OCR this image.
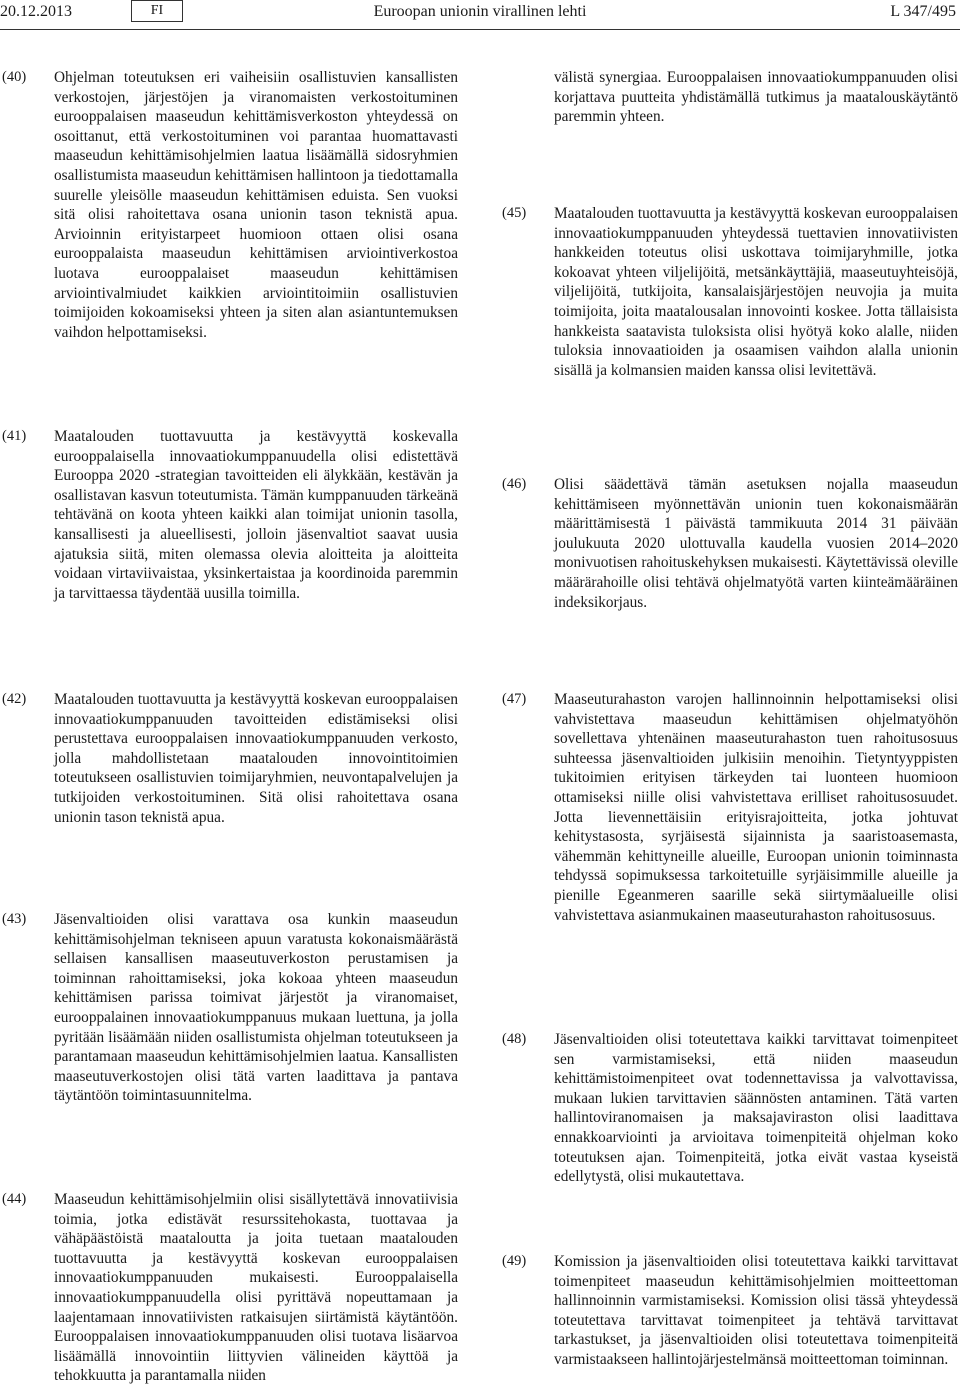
20.12.2013	FI	Euroopan unionin virallinen lehti	L 347/495
(40)	Ohjelman toteutuksen eri vaiheisiin osallistuvien kansallisten verkostojen, järjestöjen ja viranomaisten verkostoituminen eurooppalaisen maaseudun kehittämisverkoston yhteydessä on osoittanut, että verkostoituminen voi parantaa huomattavasti maaseudun kehittämisohjelmien laatua lisäämällä sidosryhmien osallistumista maaseudun kehittämisen hallintoon ja tiedottamalla suurelle yleisölle maaseudun kehittämisen eduista. Sen vuoksi sitä olisi rahoitettava osana unionin tason teknistä apua. Arvioinnin erityistarpeet huomioon ottaen olisi osana eurooppalaista maaseudun kehittämisen arviointiverkostoa luotava eurooppalaiset maaseudun kehittämisen arviointivalmiudet kaikkien arviointitoimiin osallistuvien toimijoiden kokoamiseksi yhteen ja siten alan asiantuntemuksen vaihdon helpottamiseksi.
(41)	Maatalouden tuottavuutta ja kestävyyttä koskevalla eurooppalaisella innovaatiokumppanuudella olisi edistettävä Eurooppa 2020 -strategian tavoitteiden eli älykkään, kestävän ja osallistavan kasvun toteutumista. Tämän kumppanuuden tärkeänä tehtävänä on koota yhteen kaikki alan toimijat unionin tasolla, kansallisesti ja alueellisesti, jolloin jäsenvaltiot saavat uusia ajatuksia siitä, miten olemassa olevia aloitteita ja aloitteita voidaan virtaviivaistaa, yksinkertaistaa ja koordinoida paremmin ja tarvittaessa täydentää uusilla toimilla.
(42)	Maatalouden tuottavuutta ja kestävyyttä koskevan eurooppalaisen innovaatiokumppanuuden tavoitteiden edistämiseksi olisi perustettava eurooppalaisen innovaatiokumppanuuden verkosto, jolla mahdollistetaan maatalouden innovointitoimien toteutukseen osallistuvien toimijaryhmien, neuvontapalvelujen ja tutkijoiden verkostoituminen. Sitä olisi rahoitettava osana unionin tason teknistä apua.
(43)	Jäsenvaltioiden olisi varattava osa kunkin maaseudun kehittämisohjelman tekniseen apuun varatusta kokonaismäärästä sellaisen kansallisen maaseutuverkoston perustamisen ja toiminnan rahoittamiseksi, joka kokoaa yhteen maaseudun kehittämisen parissa toimivat järjestöt ja viranomaiset, eurooppalainen innovaatiokumppanuus mukaan luettuna, ja jolla pyritään lisäämään niiden osallistumista ohjelman toteutukseen ja parantamaan maaseudun kehittämisohjelmien laatua. Kansallisten maaseutuverkostojen olisi tätä varten laadittava ja pantava täytäntöön toimintasuunnitelma.
(44)	Maaseudun kehittämisohjelmiin olisi sisällytettävä innovatiivisia toimia, jotka edistävät resurssitehokasta, tuottavaa ja vähäpäästöistä maataloutta ja joita tuetaan maatalouden tuottavuutta ja kestävyyttä koskevan eurooppalaisen innovaatiokumppanuuden mukaisesti. Eurooppalaisella innovaatiokumppanuudella olisi pyrittävä nopeuttamaan ja laajentamaan innovatiivisten ratkaisujen siirtämistä käytäntöön. Eurooppalaisen innovaatiokumppanuuden olisi tuotava lisäarvoa lisäämällä innovointiin liittyvien välineiden käyttöä ja tehokkuutta ja parantamalla niiden
välistä synergiaa. Eurooppalaisen innovaatiokumppanuuden olisi korjattava puutteita yhdistämällä tutkimus ja maatalouskäytäntö paremmin yhteen.
(45)	Maatalouden tuottavuutta ja kestävyyttä koskevan eurooppalaisen innovaatiokumppanuuden yhteydessä tuettavien innovatiivisten hankkeiden toteutus olisi uskottava toimijaryhmille, jotka kokoavat yhteen viljelijöitä, metsänkäyttäjiä, maaseutuyhteisöjä, viljelijöitä, tutkijoita, kansalaisjärjestöjen neuvojia ja muita toimijoita, joita maatalousalan innovointi koskee. Jotta tällaisista hankkeista saatavista tuloksista olisi hyötyä koko alalle, niiden tuloksia innovaatioiden ja osaamisen vaihdon alalla unionin sisällä ja kolmansien maiden kanssa olisi levitettävä.
(46)	Olisi säädettävä tämän asetuksen nojalla maaseudun kehittämiseen myönnettävän unionin tuen kokonaismäärän määrittämisestä 1 päivästä tammikuuta 2014 31 päivään joulukuuta 2020 ulottuvalla kaudella vuosien 2014–2020 monivuotisen rahoituskehyksen mukaisesti. Käytettävissä oleville määrärahoille olisi tehtävä ohjelmatyötä varten kiinteämääräinen indeksikorjaus.
(47)	Maaseuturahaston varojen hallinnoinnin helpottamiseksi olisi vahvistettava maaseudun kehittämisen ohjelmatyöhön sovellettava yhtenäinen maaseuturahaston tuen rahoitusosuus suhteessa jäsenvaltioiden julkisiin menoihin. Tietyntyyppisten tukitoimien erityisen tärkeyden tai luonteen huomioon ottamiseksi niille olisi vahvistettava erilliset rahoitusosuudet. Jotta lievennettäisiin erityisrajoitteita, jotka johtuvat kehitystasosta, syrjäisestä sijainnista ja saaristoasemasta, vähemmän kehittyneille alueille, Euroopan unionin toiminnasta tehdyssä sopimuksessa tarkoitetuille syrjäisimmille alueille ja pienille Egeanmeren saarille sekä siirtymäalueille olisi vahvistettava asianmukainen maaseuturahaston rahoitusosuus.
(48)	Jäsenvaltioiden olisi toteutettava kaikki tarvittavat toimenpiteet sen varmistamiseksi, että niiden maaseudun kehittämistoimenpiteet ovat todennettavissa ja valvottavissa, mukaan lukien tarvittavien säännösten antaminen. Tätä varten hallintoviranomaisen ja maksajaviraston olisi laadittava ennakkoarviointi ja arvioitava toimenpiteitä ohjelman koko toteutuksen ajan. Toimenpiteitä, jotka eivät vastaa kyseistä edellytystä, olisi mukautettava.
(49)	Komission ja jäsenvaltioiden olisi toteutettava kaikki tarvittavat toimenpiteet maaseudun kehittämisohjelmien moitteettoman hallinnoinnin varmistamiseksi. Komission olisi tässä yhteydessä toteutettava tarvittavat toimenpiteet ja tehtävä tarvittavat tarkastukset, ja jäsenvaltioiden olisi toteutettava toimenpiteitä varmistaakseen hallintojärjestelmänsä moitteettoman toiminnan.
